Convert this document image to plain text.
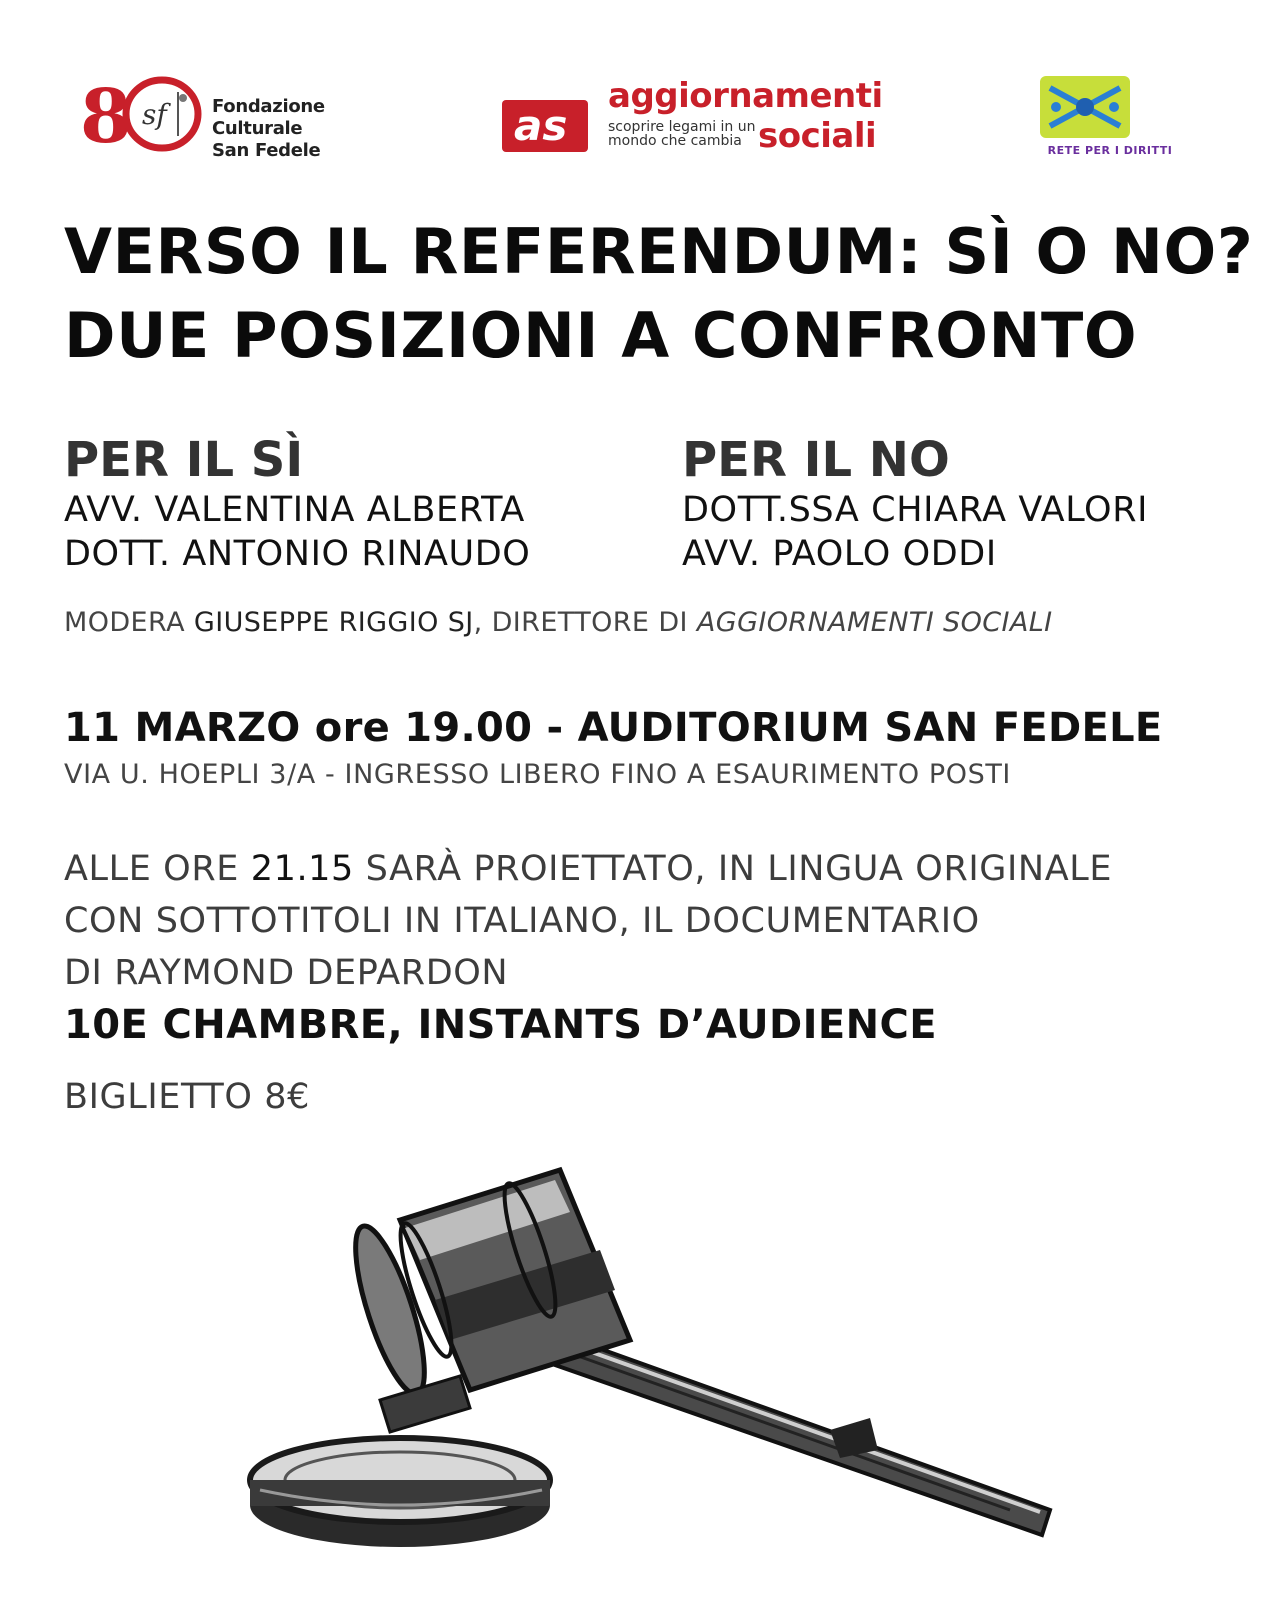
8 sf	Fondazione Culturale
San Fedele
as
aggiornamenti
scoprire legami in un
mondo che cambia sociali	RETE PER I DIRITTI
VERSO IL REFERENDUM: SÌ O NO?
DUE POSIZIONI A CONFRONTO
PER IL SÌ
AVV. VALENTINA ALBERTA
DOTT. ANTONIO RINAUDO
PER IL NO
DOTT.SSA CHIARA VALORI
AVV. PAOLO ODDI
MODERA GIUSEPPE RIGGIO SJ, DIRETTORE DI AGGIORNAMENTI SOCIALI
11 MARZO ore 19.00 - AUDITORIUM SAN FEDELE
VIA U. HOEPLI 3/A - INGRESSO LIBERO FINO A ESAURIMENTO POSTI
ALLE ORE 21.15 SARÀ PROIETTATO, IN LINGUA ORIGINALE
CON SOTTOTITOLI IN ITALIANO, IL DOCUMENTARIO
DI RAYMOND DEPARDON
10E CHAMBRE, INSTANTS D’AUDIENCE
BIGLIETTO 8€
